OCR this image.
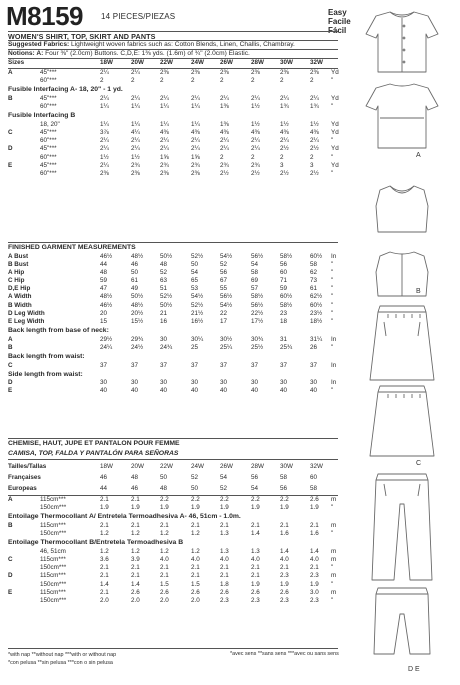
M8159 14 PIECES/PIEZAS	Easy
Facile
Fácil
WOMEN'S SHIRT, TOP, SKIRT AND PANTS
Suggested Fabrics: Lightweight woven fabrics such as: Cotton Blends, Linen, Challis, Chambray.
Notions: A: Four ⅜" (2.0cm) Buttons. C,D,E: 1⅜ yds. (1.6m) of ¾" (2.0cm) Elastic.
Sizes	18W	20W	22W	24W	26W	28W	30W	32W
A	45"***	2¼	2¼	2⅜	2⅜	2⅜	2⅜	2⅜	2⅜ Yd
60"***	2	2	2	2	2	2	2	2	"
Fusible Interfacing A- 18, 20" - 1 yd.
B	45"***	2¼	2¼	2¼	2¼	2¼	2¼	2¼	2¼ Yd
60"***	1¼	1¼	1¼	1¼	1⅜	1½	1¾	1¾ "
Fusible Interfacing B
18, 20"	1¼	1¼	1¼	1¼	1⅜	1½	1½	1½ Yd
C	45"***	3⅞	4¼	4⅜	4⅜	4⅜	4⅜	4⅜	4⅜ Yd
60"***	2¼	2¼	2¼	2¼	2¼	2¼	2¼	2¼ "
D	45"***	2¼	2¼	2¼	2¼	2¼	2¼	2½	2½ Yd
60"***	1½	1½	1⅝	1⅝	2	2	2	2	"
E	45"***	2¼	2¾	2¾	2¾	2¾	2¾	3	3	Yd
60"***	2⅜	2⅜	2⅜	2⅜	2½	2½	2½	2½ "
FINISHED GARMENT MEASUREMENTS
A Bust	46½	48½	50½	52½	54½	56½	58½	60½ In
B Bust	44	46	48	50	52	54	56	58 "
A Hip	48	50	52	54	56	58	60	62 "
C Hip	59	61	63	65	67	69	71	73 "
D,E Hip	47	49	51	53	55	57	59	61 "
A Width	48½	50½	52½	54½	56½	58½	60½	62½ "
B Width	46½	48½	50½	52½	54½	56½	58½	60½ "
D Leg Width	20	20½	21	21½	22	22½	23	23½ "
E Leg Width	15	15½	16	16½	17	17½	18	18½ "
Back length from base of neck:
A	29½	29¾	30	30¼	30½	30¾	31	31¼ In
B	24¼	24½	24¾	25	25¼	25½	25¾	26 "
Back length from waist:
C	37	37	37	37	37	37	37	37 In
Side length from waist:
D	30	30	30	30	30	30	30	30 In
E	40	40	40	40	40	40	40	40 "
CHEMISE, HAUT, JUPE ET PANTALON POUR FEMME
CAMISA, TOP, FALDA Y PANTALÓN PARA SEÑORAS
Tailles/Tallas	18W	20W	22W	24W	26W	28W	30W	32W
Françaises	46	48	50	52	54	56	58	60
Europeas	44	46	48	50	52	54	56	58
A	115cm***	2.1	2.1	2.2	2.2	2.2	2.2	2.2	2.6 m
150cm***	1.9	1.9	1.9	1.9	1.9	1.9	1.9	1.9 "
Entoilage Thermocollant A/ Entretela Termoadhesiva A- 46, 51cm - 1.0m.
B	115cm***	2.1	2.1	2.1	2.1	2.1	2.1	2.1	2.1 m
150cm***	1.2	1.2	1.2	1.2	1.3	1.4	1.6	1.6 "
Entoilage Thermocollant B/Entretela Termoadhesiva B
46, 51cm	1.2	1.2	1.2	1.2	1.3	1.3	1.4	1.4 m
C	115cm***	3.6	3.9	4.0	4.0	4.0	4.0	4.0	4.0 m
150cm***	2.1	2.1	2.1	2.1	2.1	2.1	2.1	2.1 "
D	115cm***	2.1	2.1	2.1	2.1	2.1	2.1	2.3	2.3 m
150cm***	1.4	1.4	1.5	1.5	1.8	1.9	1.9	1.9 "
E	115cm***	2.1	2.6	2.6	2.6	2.6	2.6	2.6	3.0 m
150cm***	2.0	2.0	2.0	2.0	2.3	2.3	2.3	2.3 "
*with nap **without nap ***with or without nap
*con pelusa **sin pelusa ***con o sin pelusa
*avec sens **sans sens ***avec ou sans sens
A
B
C
D E
